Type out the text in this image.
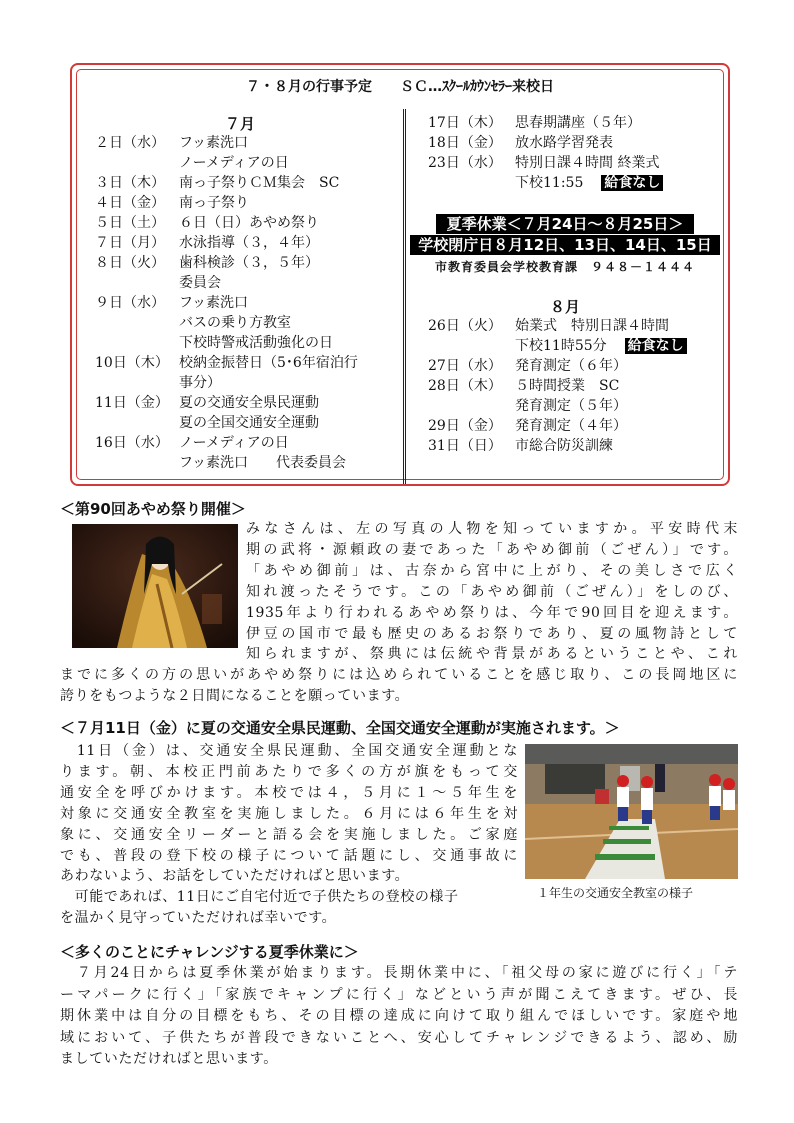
７・８月の行事予定　　ＳＣ…ｽｸｰﾙｶｳﾝｾﾗｰ来校日
７月
２日（水） フッ素洗口
ノーメディアの日
３日（木） 南っ子祭りＣＭ集会　SC
４日（金） 南っ子祭り
５日（土） ６日（日）あやめ祭り
７日（月） 水泳指導（３，４年）
８日（火） 歯科検診（３，５年）
委員会
９日（水） フッ素洗口
バスの乗り方教室
下校時警戒活動強化の日
10日（木） 校納金振替日（5･6年宿泊行
事分）
11日（金） 夏の交通安全県民運動
夏の全国交通安全運動
16日（水） ノーメディアの日
フッ素洗口　　代表委員会
17日（木） 思春期講座（５年）
18日（金） 放水路学習発表
23日（水） 特別日課４時間 終業式
下校11:55 給食なし
夏季休業＜７月24日～８月25日＞
学校閉庁日８月12日、13日、14日、15日
市教育委員会学校教育課　９４８－１４４４
８月
26日（火） 始業式　特別日課４時間
下校11時55分 給食なし
27日（水） 発育測定（６年）
28日（木） ５時間授業　SC
発育測定（５年）
29日（金） 発育測定（４年）
31日（日） 市総合防災訓練
＜第90回あやめ祭り開催＞
みなさんは、左の写真の人物を知っていますか。平安時代末
期の武将・源頼政の妻であった「あやめ御前（ごぜん）」です。
「あやめ御前」は、古奈から宮中に上がり、その美しさで広く
知れ渡ったそうです。この「あやめ御前（ごぜん）」をしのび、
1935年より行われるあやめ祭りは、今年で90回目を迎えます。
伊豆の国市で最も歴史のあるお祭りであり、夏の風物詩として
知られますが、祭典には伝統や背景があるということや、これ
までに多くの方の思いがあやめ祭りには込められていることを感じ取り、この長岡地区に
誇りをもつような２日間になることを願っています。
＜７月11日（金）に夏の交通安全県民運動、全国交通安全運動が実施されます。＞
　11日（金）は、交通安全県民運動、全国交通安全運動とな
ります。朝、本校正門前あたりで多くの方が旗をもって交
通安全を呼びかけます。本校では４，５月に１～５年生を
対象に交通安全教室を実施しました。６月には６年生を対
象に、交通安全リーダーと語る会を実施しました。ご家庭
でも、普段の登下校の様子について話題にし、交通事故に
あわないよう、お話をしていただければと思います。
　可能であれば、11日にご自宅付近で子供たちの登校の様子
を温かく見守っていただければ幸いです。
１年生の交通安全教室の様子
＜多くのことにチャレンジする夏季休業に＞
　７月24日からは夏季休業が始まります。長期休業中に、「祖父母の家に遊びに行く」「テ
ーマパークに行く」「家族でキャンプに行く」などという声が聞こえてきます。ぜひ、長
期休業中は自分の目標をもち、その目標の達成に向けて取り組んでほしいです。家庭や地
域において、子供たちが普段できないことへ、安心してチャレンジできるよう、認め、励
ましていただければと思います。
